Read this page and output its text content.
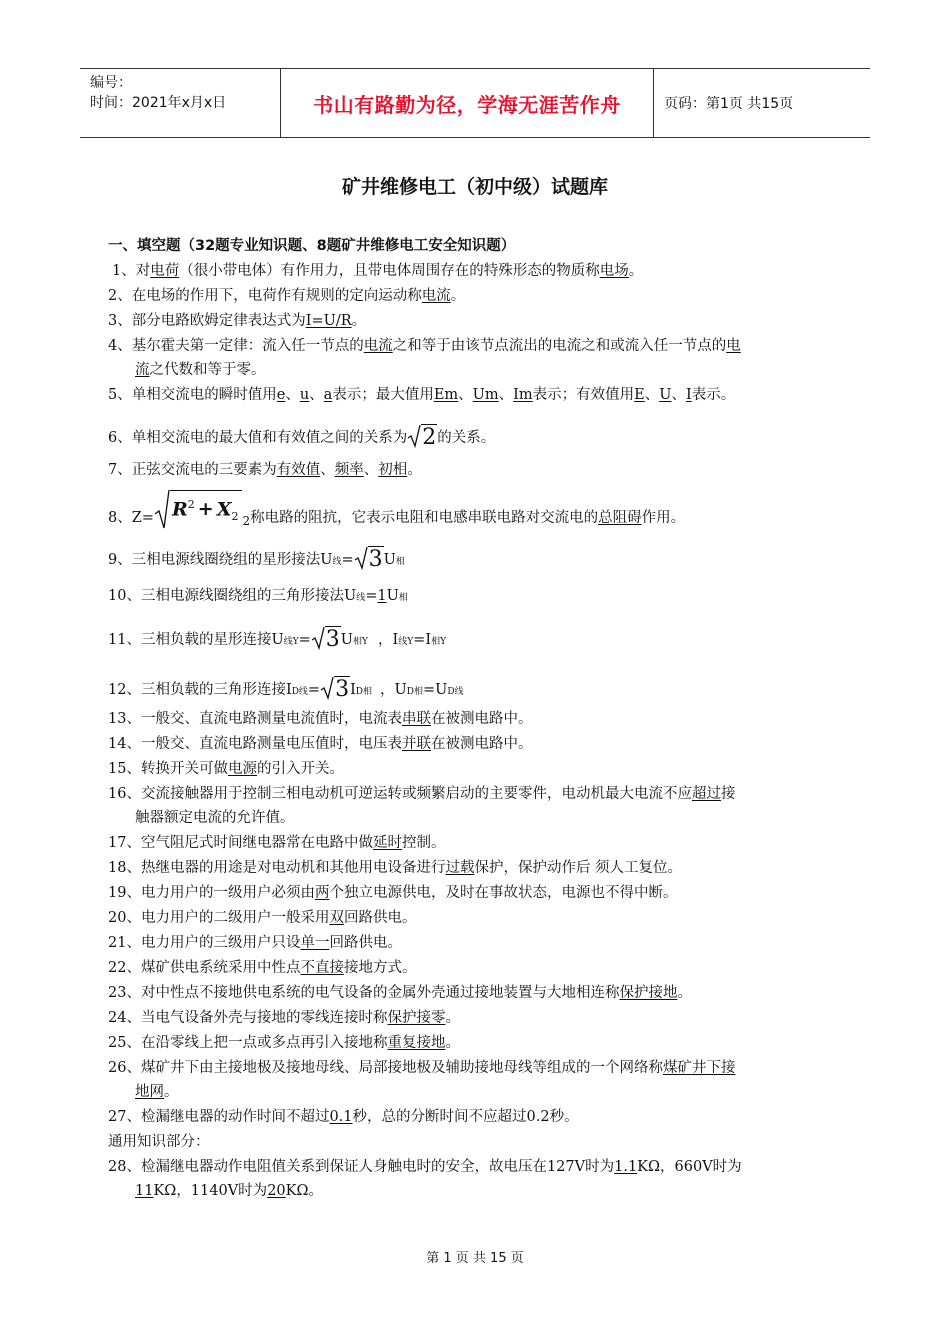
编号：
时间：2021年x月x日	书山有路勤为径，学海无涯苦作舟	页码：第1页 共15页
矿井维修电工（初中级）试题库
一、填空题（32题专业知识题、8题矿井维修电工安全知识题）
1、对电荷（很小带电体）有作用力，且带电体周围存在的特殊形态的物质称电场。
2、在电场的作用下，电荷作有规则的定向运动称电流。
3、部分电路欧姆定律表达式为I=U/R。
4、基尔霍夫第一定律：流入任一节点的电流之和等于由该节点流出的电流之和或流入任一节点的电
流之代数和等于零。
5、单相交流电的瞬时值用e、u、a表示；最大值用Em、Um、Im表示；有效值用E、U、I表示。
6、单相交流电的最大值和有效值之间的关系为 2的关系。
7、正弦交流电的三要素为有效值、频率、初相。
8、 $Z= R^2 + X_2$ 2 称电路的阻抗，它表示电阻和电感串联电路对交流电的 总阻碍 作用。
9、三相电源线圈绕组的星形接法U线= 3U相
10、三相电源线圈绕组的三角形接法U线=1U相
11、三相负载的星形连接U线Y= 3U相Y ，I线Y=I相Y
12、三相负载的三角形连接ID线= 3ID相 ，UD相=UD线
13、一般交、直流电路测量电流值时，电流表串联在被测电路中。
14、一般交、直流电路测量电压值时，电压表并联在被测电路中。
15、转换开关可做电源的引入开关。
16、交流接触器用于控制三相电动机可逆运转或频繁启动的主要零件，电动机最大电流不应超过接
触器额定电流的允许值。
17、空气阻尼式时间继电器常在电路中做延时控制。
18、热继电器的用途是对电动机和其他用电设备进行过载保护，保护动作后 须人工复位。
19、电力用户的一级用户必须由两个独立电源供电，及时在事故状态，电源也不得中断。
20、电力用户的二级用户一般采用双回路供电。
21、电力用户的三级用户只设单一回路供电。
22、煤矿供电系统采用中性点不直接接地方式。
23、对中性点不接地供电系统的电气设备的金属外壳通过接地装置与大地相连称保护接地。
24、当电气设备外壳与接地的零线连接时称保护接零。
25、在沿零线上把一点或多点再引入接地称重复接地。
26、煤矿井下由主接地极及接地母线、局部接地极及辅助接地母线等组成的一个网络称煤矿井下接
地网。
27、检漏继电器的动作时间不超过0.1秒，总的分断时间不应超过0.2秒。
通用知识部分：
28、检漏继电器动作电阻值关系到保证人身触电时的安全，故电压在127V时为1.1KΩ，660V时为
11KΩ，1140V时为20KΩ。
第 1 页 共 15 页
